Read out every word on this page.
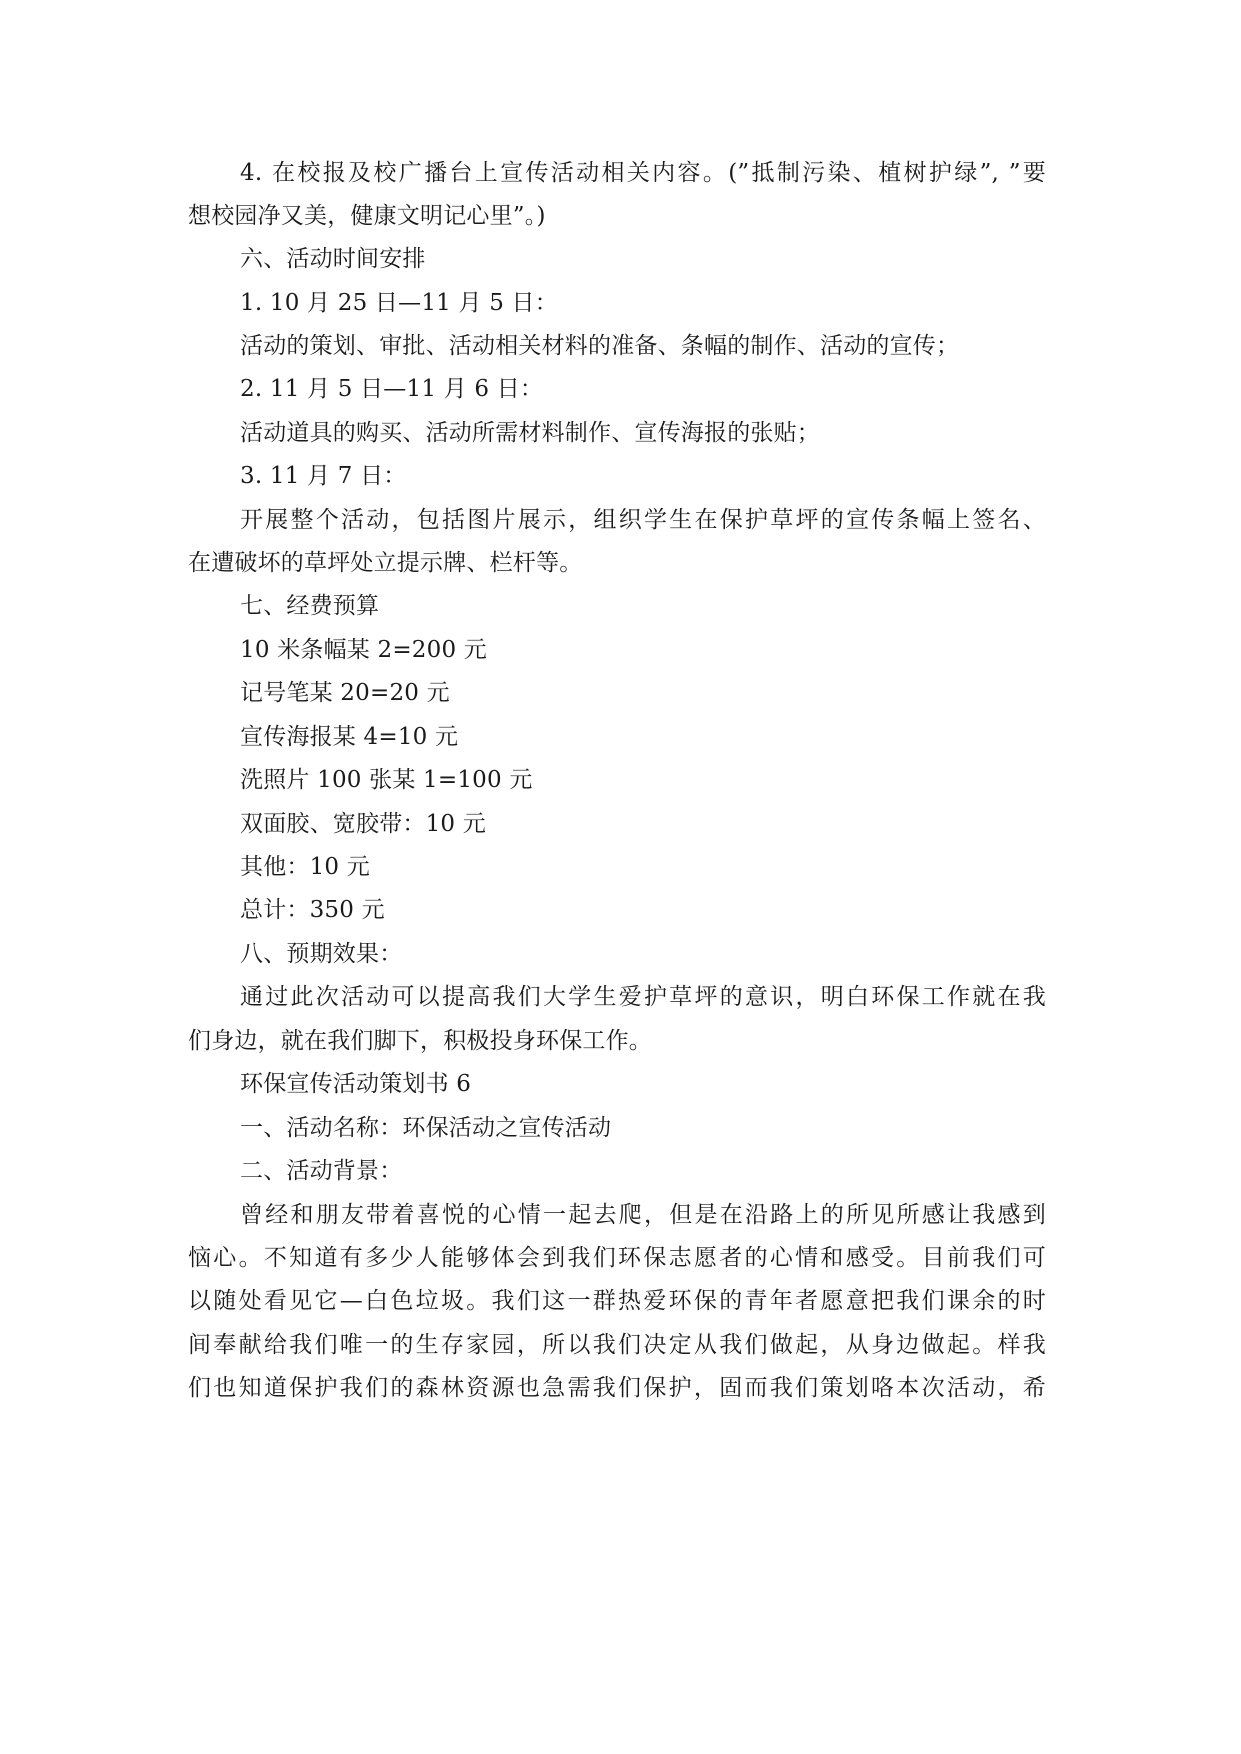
4. 在校报及校广播台上宣传活动相关内容。(”抵制污染、植树护绿”, ”要
想校园净又美，健康文明记心里”。)
六、活动时间安排
1. 10 月 25 日—11 月 5 日：
活动的策划、审批、活动相关材料的准备、条幅的制作、活动的宣传；
2. 11 月 5 日—11 月 6 日：
活动道具的购买、活动所需材料制作、宣传海报的张贴；
3. 11 月 7 日：
开展整个活动，包括图片展示，组织学生在保护草坪的宣传条幅上签名、
在遭破坏的草坪处立提示牌、栏杆等。
七、经费预算
10 米条幅某 2=200 元
记号笔某 20=20 元
宣传海报某 4=10 元
洗照片 100 张某 1=100 元
双面胶、宽胶带：10 元
其他：10 元
总计：350 元
八、预期效果：
通过此次活动可以提高我们大学生爱护草坪的意识，明白环保工作就在我
们身边，就在我们脚下，积极投身环保工作。
环保宣传活动策划书 6
一、活动名称：环保活动之宣传活动
二、活动背景：
曾经和朋友带着喜悦的心情一起去爬，但是在沿路上的所见所感让我感到
恼心。不知道有多少人能够体会到我们环保志愿者的心情和感受。目前我们可
以随处看见它—白色垃圾。我们这一群热爱环保的青年者愿意把我们课余的时
间奉献给我们唯一的生存家园，所以我们决定从我们做起，从身边做起。样我
们也知道保护我们的森林资源也急需我们保护，固而我们策划咯本次活动，希
